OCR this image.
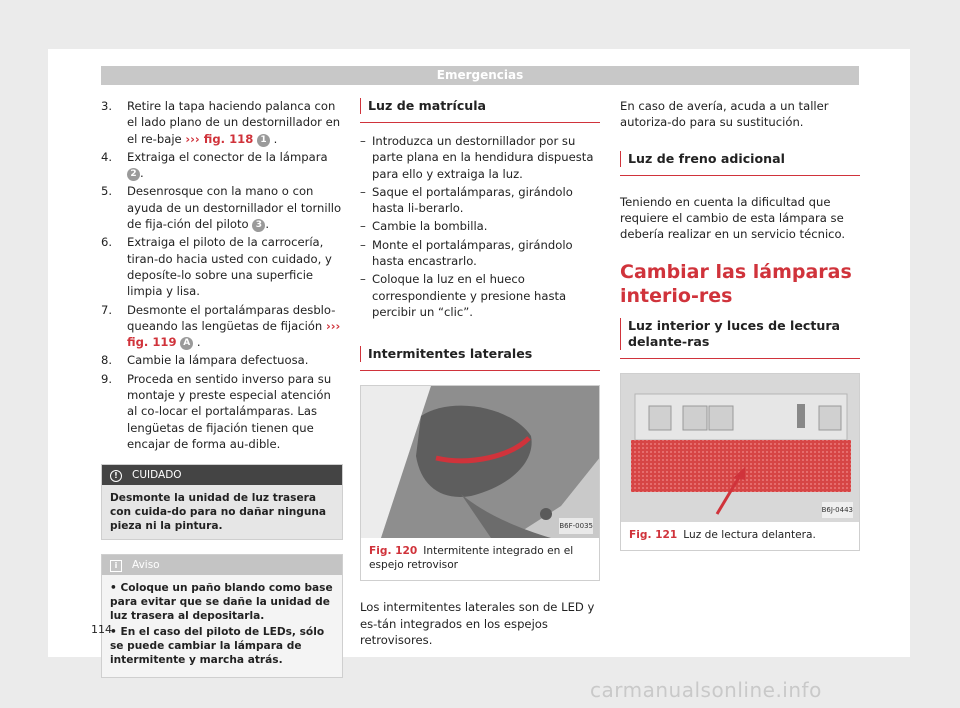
Emergencias
3. Retire la tapa haciendo palanca con el lado plano de un destornillador en el re-baje ››› fig. 118 1 .
4. Extraiga el conector de la lámpara 2 .
5. Desenrosque con la mano o con ayuda de un destornillador el tornillo de fija-ción del piloto 3 .
6. Extraiga el piloto de la carrocería, tiran-do hacia usted con cuidado, y deposíte-lo sobre una superficie limpia y lisa.
7. Desmonte el portalámparas desblo-queando las lengüetas de fijación ››› fig. 119 A .
8. Cambie la lámpara defectuosa.
9. Proceda en sentido inverso para su montaje y preste especial atención al co-locar el portalámparas. Las lengüetas de fijación tienen que encajar de forma au-dible.
! CUIDADO
Desmonte la unidad de luz trasera con cuida-do para no dañar ninguna pieza ni la pintura.
i Aviso
• Coloque un paño blando como base para evitar que se dañe la unidad de luz trasera al depositarla.
• En el caso del piloto de LEDs, sólo se puede cambiar la lámpara de intermitente y marcha atrás.
Luz de matrícula
– Introduzca un destornillador por su parte plana en la hendidura dispuesta para ello y extraiga la luz.
– Saque el portalámparas, girándolo hasta li-berarlo.
– Cambie la bombilla.
– Monte el portalámparas, girándolo hasta encastrarlo.
– Coloque la luz en el hueco correspondiente y presione hasta percibir un “clic”.
Intermitentes laterales
B6F-0035
Fig. 120 Intermitente integrado en el espejo retrovisor

Los intermitentes laterales son de LED y es-tán integrados en los espejos retrovisores.

En caso de avería, acuda a un taller autoriza-do para su sustitución.

Luz de freno adicional

Teniendo en cuenta la dificultad que requiere el cambio de esta lámpara se debería realizar en un servicio técnico.

Cambiar las lámparas interio-res
Luz interior y luces de lectura delante-ras
B6J-0443
Fig. 121 Luz de lectura delantera.
114
carmanualsonline.info
